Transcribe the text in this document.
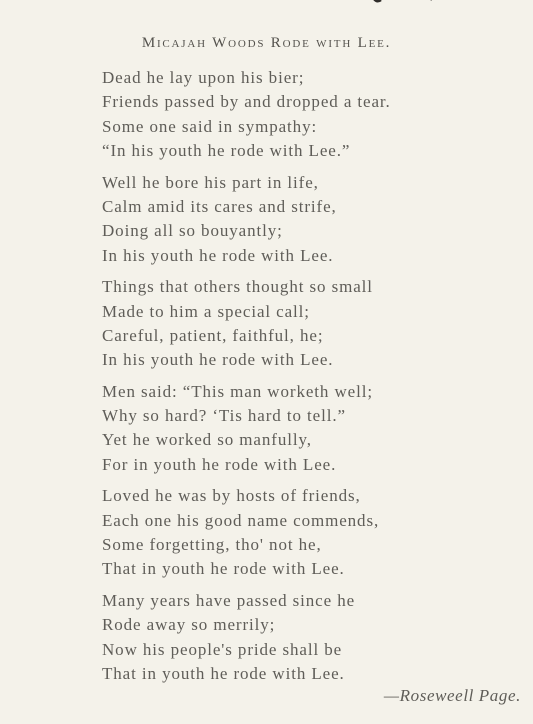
Micajah Woods Rode with Lee.
Dead he lay upon his bier;
Friends passed by and dropped a tear.
Some one said in sympathy:
“In his youth he rode with Lee.”
Well he bore his part in life,
Calm amid its cares and strife,
Doing all so bouyantly;
In his youth he rode with Lee.
Things that others thought so small
Made to him a special call;
Careful, patient, faithful, he;
In his youth he rode with Lee.
Men said: “This man worketh well;
Why so hard? ‘Tis hard to tell.”
Yet he worked so manfully,
For in youth he rode with Lee.
Loved he was by hosts of friends,
Each one his good name commends,
Some forgetting, tho' not he,
That in youth he rode with Lee.
Many years have passed since he
Rode away so merrily;
Now his people's pride shall be
That in youth he rode with Lee.
—Roseweell Page.
